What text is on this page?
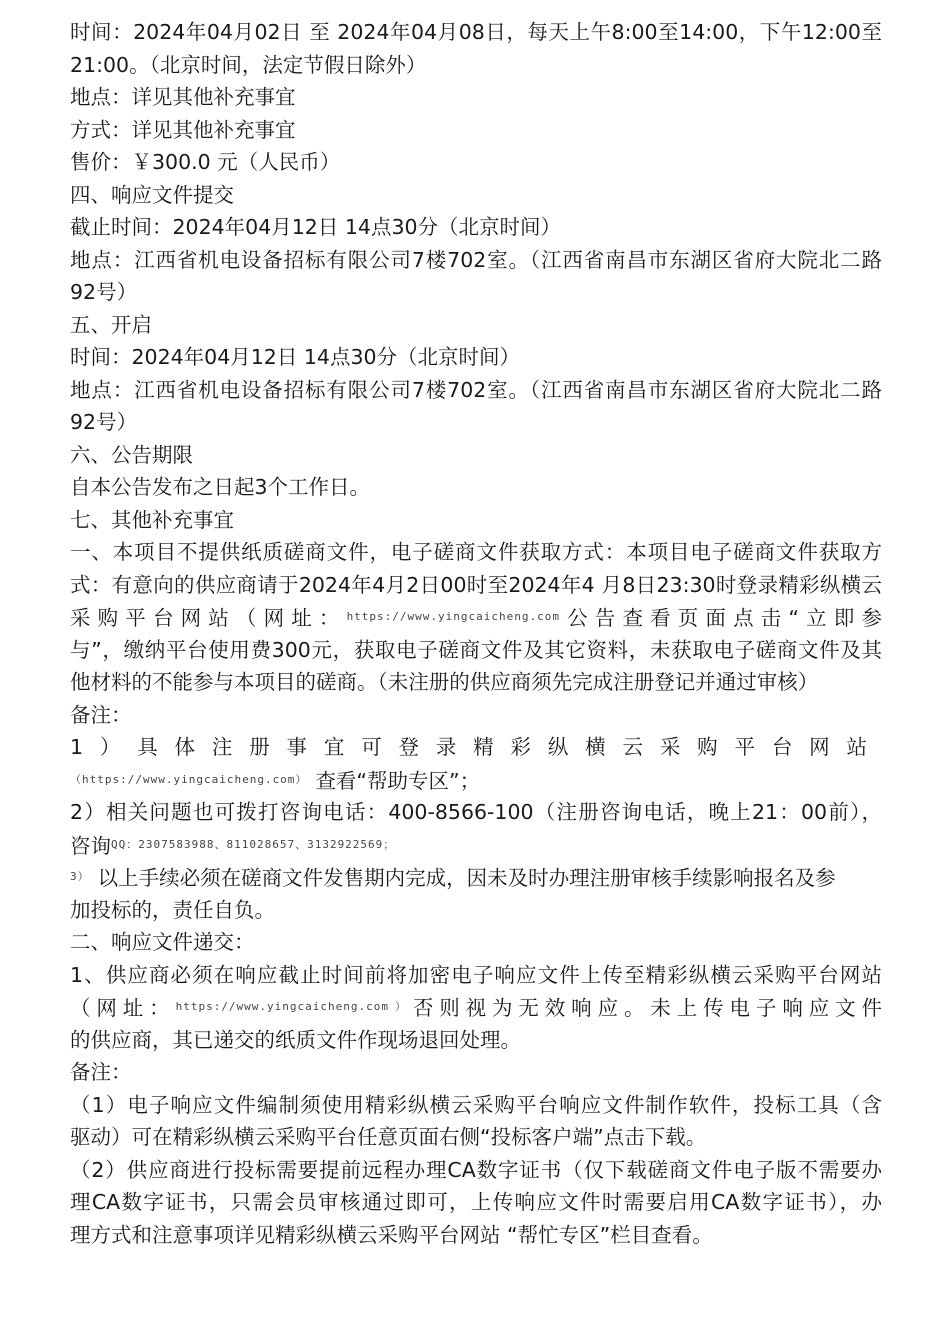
时间：2024年04月02日 至 2024年04月08日，每天上午8:00至14:00，下午12:00至
21:00。（北京时间，法定节假日除外）
地点：详见其他补充事宜
方式：详见其他补充事宜
售价：￥300.0 元（人民币）
四、响应文件提交
截止时间：2024年04月12日 14点30分（北京时间）
地点：江西省机电设备招标有限公司7楼702室。（江西省南昌市东湖区省府大院北二路
92号）
五、开启
时间：2024年04月12日 14点30分（北京时间）
地点：江西省机电设备招标有限公司7楼702室。（江西省南昌市东湖区省府大院北二路
92号）
六、公告期限
自本公告发布之日起3个工作日。
七、其他补充事宜
一、本项目不提供纸质磋商文件，电子磋商文件获取方式：本项目电子磋商文件获取方
式：有意向的供应商请于2024年4月2日00时至2024年4 月8日23:30时登录精彩纵横云
采购平台网站（网址：$^{https://www.yingcaicheng.com}$公告查看页面点击“立即参
与”，缴纳平台使用费300元，获取电子磋商文件及其它资料，未获取电子磋商文件及其
他材料的不能参与本项目的磋商。（未注册的供应商须先完成注册登记并通过审核）
备注：
1）具体注册事宜可登录精彩纵横云采购平台网站
$^{(https://www.yingcaicheng.com)}$ 查看“帮助专区”；
2）相关问题也可拨打咨询电话：400-8566-100（注册咨询电话，晚上21：00前），
咨询$^{QQ:2307583988、811028657、3132922569;}$
$^{3)}$ 以上手续必须在磋商文件发售期内完成，因未及时办理注册审核手续影响报名及参
加投标的，责任自负。
二、响应文件递交：
1、供应商必须在响应截止时间前将加密电子响应文件上传至精彩纵横云采购平台网站
（网址：$^{https://www.yingcaicheng.com)}$否则视为无效响应。未上传电子响应文件
的供应商，其已递交的纸质文件作现场退回处理。
备注：
（1）电子响应文件编制须使用精彩纵横云采购平台响应文件制作软件，投标工具（含
驱动）可在精彩纵横云采购平台任意页面右侧“投标客户端”点击下载。
（2）供应商进行投标需要提前远程办理CA数字证书（仅下载磋商文件电子版不需要办
理CA数字证书，只需会员审核通过即可，上传响应文件时需要启用CA数字证书），办
理方式和注意事项详见精彩纵横云采购平台网站 “帮忙专区”栏目查看。
